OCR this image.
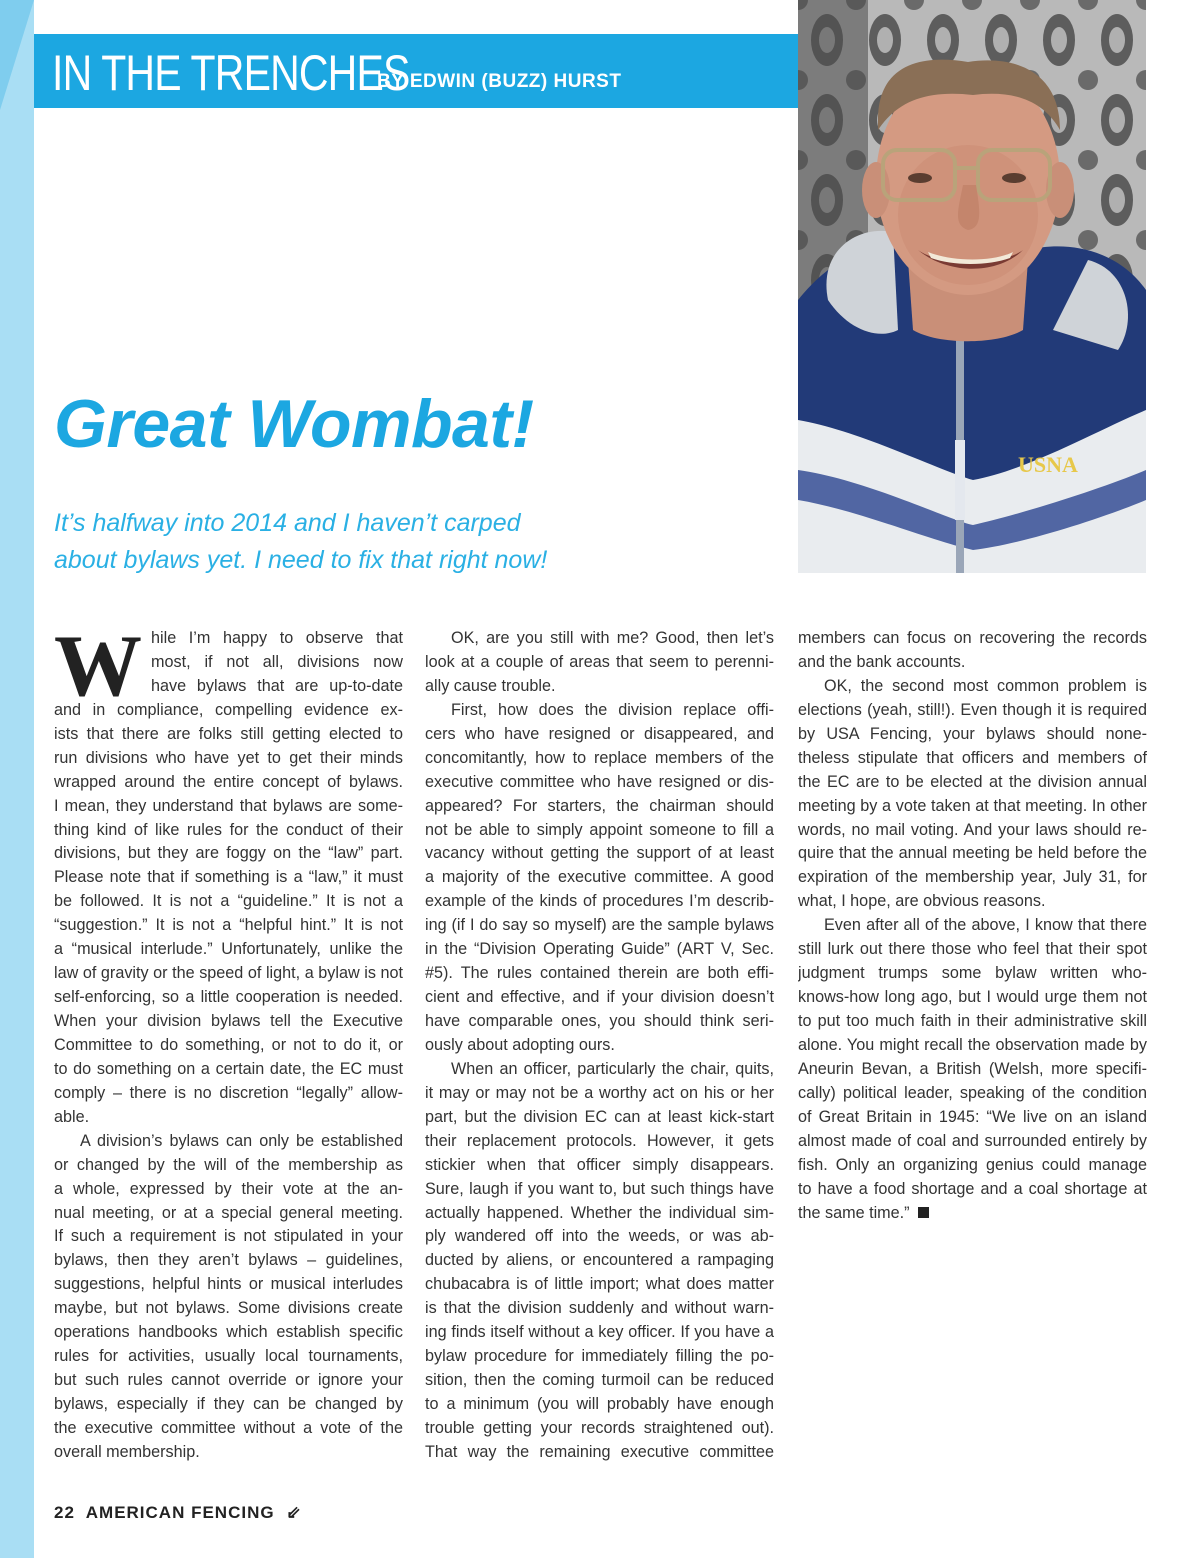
IN THE TRENCHES
BY EDWIN (BUZZ) HURST
USNA
Great Wombat!
It’s halfway into 2014 and I haven’t carped
about bylaws yet. I need to fix that right now!
W hile I’m happy to observe that
most, if not all, divisions now
have bylaws that are up-to-date
and in compliance, compelling evidence ex-
ists that there are folks still getting elected to
run divisions who have yet to get their minds
wrapped around the entire concept of bylaws.
I mean, they understand that bylaws are some-
thing kind of like rules for the conduct of their
divisions, but they are foggy on the “law” part.
Please note that if something is a “law,” it must
be followed. It is not a “guideline.” It is not a
“suggestion.” It is not a “helpful hint.” It is not
a “musical interlude.” Unfortunately, unlike the
law of gravity or the speed of light, a bylaw is not
self-enforcing, so a little cooperation is needed.
When your division bylaws tell the Executive
Committee to do something, or not to do it, or
to do something on a certain date, the EC must
comply – there is no discretion “legally” allow-
able.
A division’s bylaws can only be established
or changed by the will of the membership as
a whole, expressed by their vote at the an-
nual meeting, or at a special general meeting.
If such a requirement is not stipulated in your
bylaws, then they aren’t bylaws – guidelines,
suggestions, helpful hints or musical interludes
maybe, but not bylaws. Some divisions create
operations handbooks which establish specific
rules for activities, usually local tournaments,
but such rules cannot override or ignore your
bylaws, especially if they can be changed by
the executive committee without a vote of the
overall membership.
OK, are you still with me? Good, then let’s
look at a couple of areas that seem to perenni-
ally cause trouble.
First, how does the division replace offi-
cers who have resigned or disappeared, and
concomitantly, how to replace members of the
executive committee who have resigned or dis-
appeared? For starters, the chairman should
not be able to simply appoint someone to fill a
vacancy without getting the support of at least
a majority of the executive committee. A good
example of the kinds of procedures I’m describ-
ing (if I do say so myself) are the sample bylaws
in the “Division Operating Guide” (ART V, Sec.
#5). The rules contained therein are both effi-
cient and effective, and if your division doesn’t
have comparable ones, you should think seri-
ously about adopting ours.
When an officer, particularly the chair, quits,
it may or may not be a worthy act on his or her
part, but the division EC can at least kick-start
their replacement protocols. However, it gets
stickier when that officer simply disappears.
Sure, laugh if you want to, but such things have
actually happened. Whether the individual sim-
ply wandered off into the weeds, or was ab-
ducted by aliens, or encountered a rampaging
chubacabra is of little import; what does matter
is that the division suddenly and without warn-
ing finds itself without a key officer. If you have a
bylaw procedure for immediately filling the po-
sition, then the coming turmoil can be reduced
to a minimum (you will probably have enough
trouble getting your records straightened out).
That way the remaining executive committee
members can focus on recovering the records
and the bank accounts.
OK, the second most common problem is
elections (yeah, still!). Even though it is required
by USA Fencing, your bylaws should none-
theless stipulate that officers and members of
the EC are to be elected at the division annual
meeting by a vote taken at that meeting. In other
words, no mail voting. And your laws should re-
quire that the annual meeting be held before the
expiration of the membership year, July 31, for
what, I hope, are obvious reasons.
Even after all of the above, I know that there
still lurk out there those who feel that their spot
judgment trumps some bylaw written who-
knows-how long ago, but I would urge them not
to put too much faith in their administrative skill
alone. You might recall the observation made by
Aneurin Bevan, a British (Welsh, more specifi-
cally) political leader, speaking of the condition
of Great Britain in 1945: “We live on an island
almost made of coal and surrounded entirely by
fish. Only an organizing genius could manage
to have a food shortage and a coal shortage at
the same time.”
22 AMERICAN FENCING ⇙
